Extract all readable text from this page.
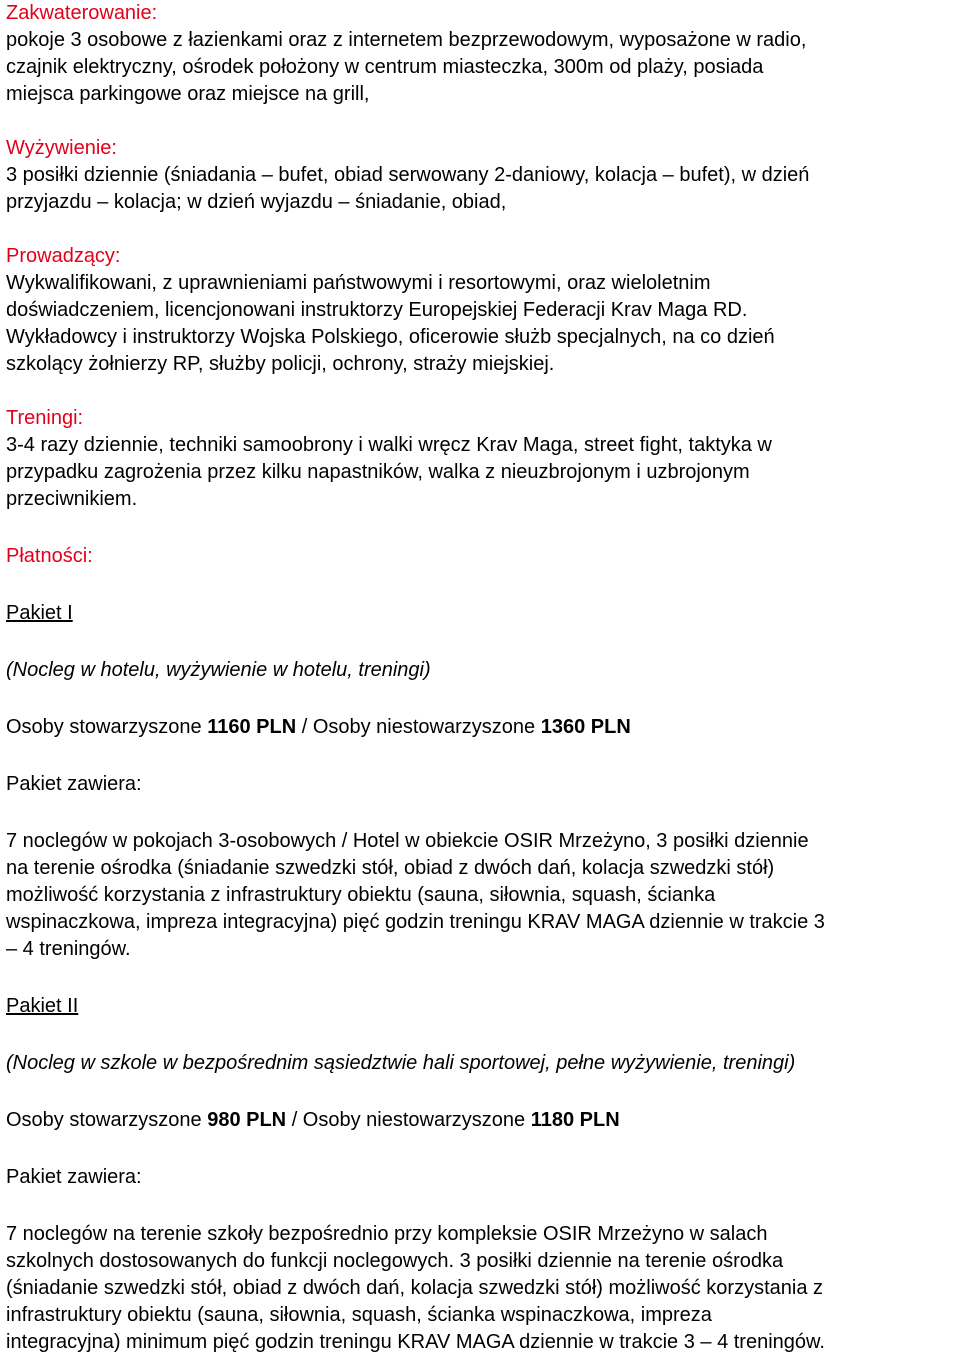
Zakwaterowanie:
pokoje 3 osobowe z łazienkami oraz z internetem bezprzewodowym, wyposażone w radio,
czajnik elektryczny, ośrodek położony w centrum miasteczka, 300m od plaży, posiada
miejsca parkingowe oraz miejsce na grill,
Wyżywienie:
3 posiłki dziennie (śniadania – bufet, obiad serwowany 2-daniowy, kolacja – bufet), w dzień
przyjazdu – kolacja; w dzień wyjazdu – śniadanie, obiad,
Prowadzący:
Wykwalifikowani, z uprawnieniami państwowymi i resortowymi, oraz wieloletnim
doświadczeniem, licencjonowani instruktorzy Europejskiej Federacji Krav Maga RD.
Wykładowcy i instruktorzy Wojska Polskiego, oficerowie służb specjalnych, na co dzień
szkolący żołnierzy RP, służby policji, ochrony, straży miejskiej.
Treningi:
3-4 razy dziennie, techniki samoobrony i walki wręcz Krav Maga, street fight, taktyka w
przypadku zagrożenia przez kilku napastników, walka z nieuzbrojonym i uzbrojonym
przeciwnikiem.
Płatności:
Pakiet I
(Nocleg w hotelu, wyżywienie w hotelu, treningi)
Osoby stowarzyszone 1160 PLN / Osoby niestowarzyszone 1360 PLN
Pakiet zawiera:
7 noclegów w pokojach 3-osobowych / Hotel w obiekcie OSIR Mrzeżyno, 3 posiłki dziennie
na terenie ośrodka (śniadanie szwedzki stół, obiad z dwóch dań, kolacja szwedzki stół)
możliwość korzystania z infrastruktury obiektu (sauna, siłownia, squash, ścianka
wspinaczkowa, impreza integracyjna) pięć godzin treningu KRAV MAGA dziennie w trakcie 3
– 4 treningów.
Pakiet II
(Nocleg w szkole w bezpośrednim sąsiedztwie hali sportowej, pełne wyżywienie, treningi)
Osoby stowarzyszone 980 PLN / Osoby niestowarzyszone 1180 PLN
Pakiet zawiera:
7 noclegów na terenie szkoły bezpośrednio przy kompleksie OSIR Mrzeżyno w salach
szkolnych dostosowanych do funkcji noclegowych. 3 posiłki dziennie na terenie ośrodka
(śniadanie szwedzki stół, obiad z dwóch dań, kolacja szwedzki stół) możliwość korzystania z
infrastruktury obiektu (sauna, siłownia, squash, ścianka wspinaczkowa, impreza
integracyjna) minimum pięć godzin treningu KRAV MAGA dziennie w trakcie 3 – 4 treningów.
